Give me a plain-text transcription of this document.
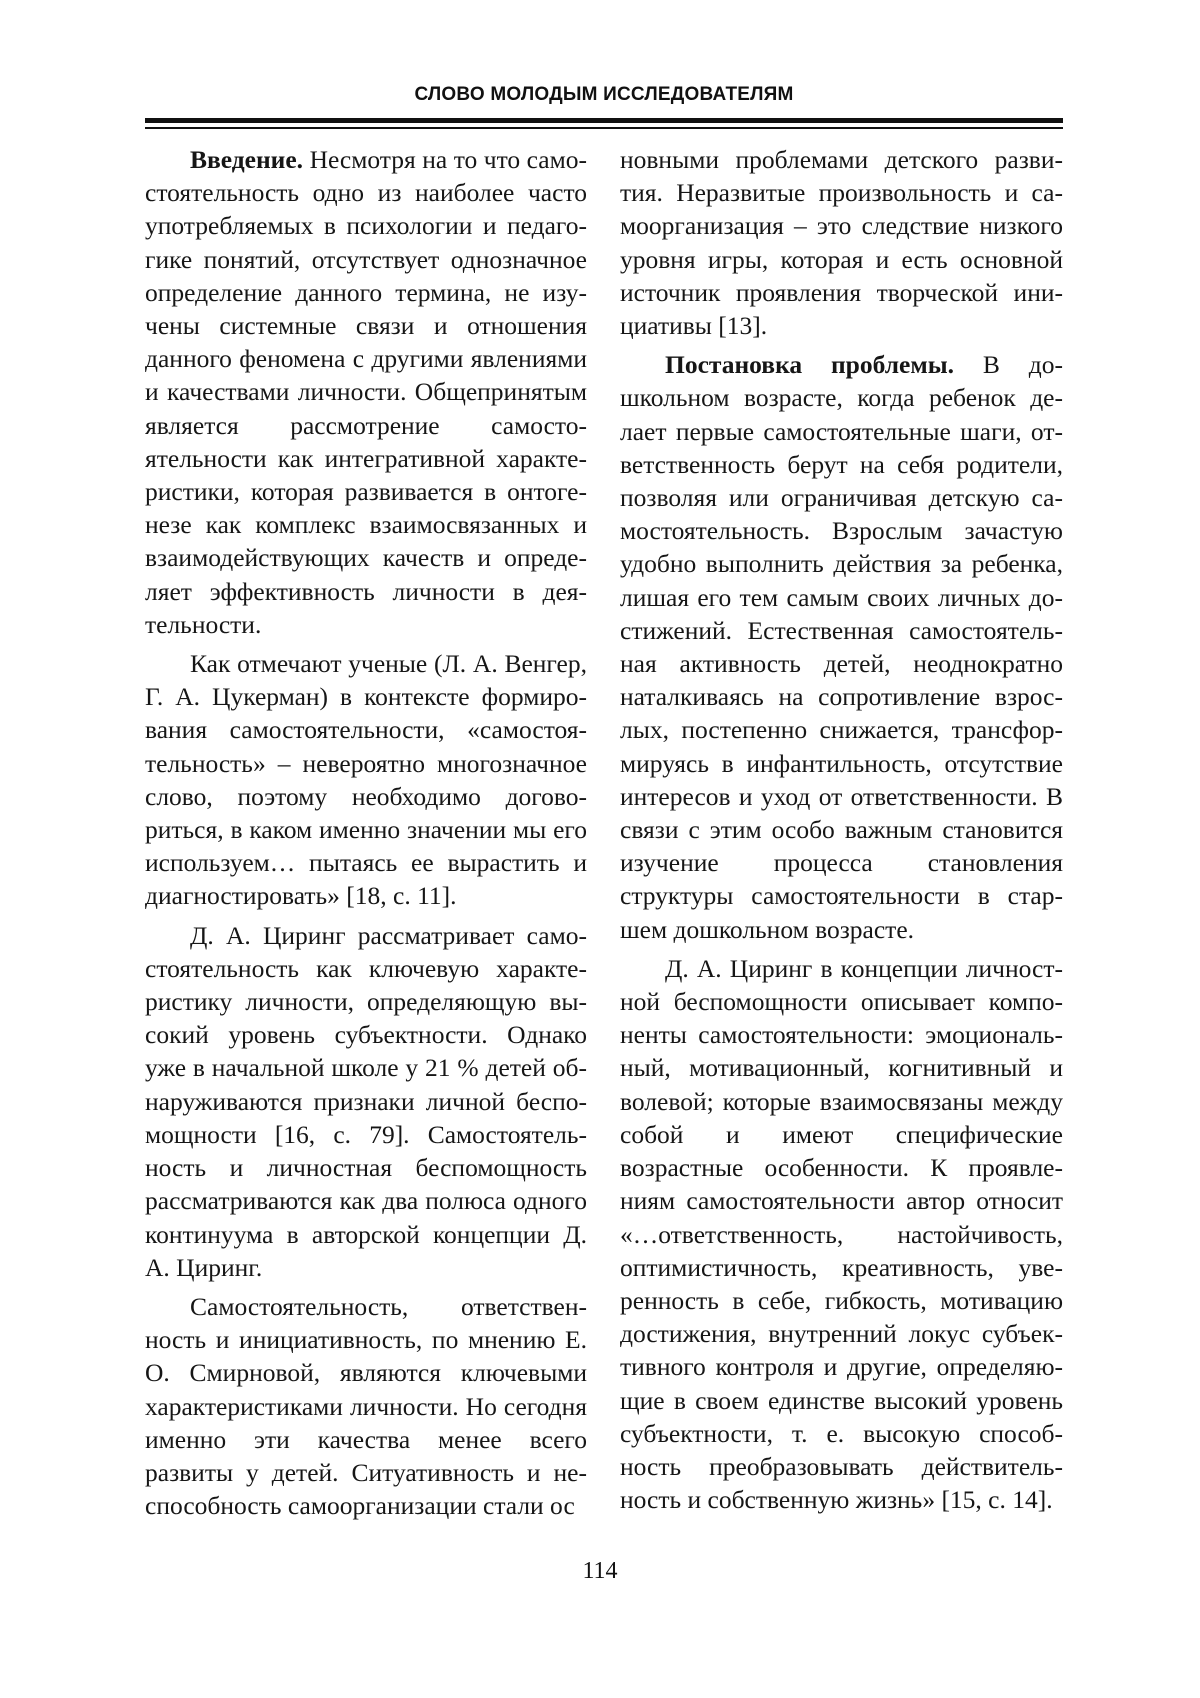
СЛОВО МОЛОДЫМ ИССЛЕДОВАТЕЛЯМ

Введение. Несмотря на то что самостоятельность одно из наиболее часто употребляемых в психологии и педагогике понятий, отсутствует однозначное определение данного термина, не изучены системные связи и отношения данного феномена с другими явлениями и качествами личности. Общепринятым является рассмотрение самостоятельности как интегративной характеристики, которая развивается в онтогенезе как комплекс взаимосвязанных и взаимодействующих качеств и определяет эффективность личности в деятельности.

Как отмечают ученые (Л. А. Венгер, Г. А. Цукерман) в контексте формирования самостоятельности, «самостоятельность» – невероятно многозначное слово, поэтому необходимо договориться, в каком именно значении мы его используем… пытаясь ее вырастить и диагностировать» [18, с. 11].

Д. А. Циринг рассматривает самостоятельность как ключевую характеристику личности, определяющую высокий уровень субъектности. Однако уже в начальной школе у 21 % детей обнаруживаются признаки личной беспомощности [16, с. 79]. Самостоятельность и личностная беспомощность рассматриваются как два полюса одного континуума в авторской концепции Д. А. Циринг.

Самостоятельность, ответственность и инициативность, по мнению Е. О. Смирновой, являются ключевыми характеристиками личности. Но сегодня именно эти качества менее всего развиты у детей. Ситуативность и неспособность самоорганизации стали ос

новными проблемами детского развития. Неразвитые произвольность и самоорганизация – это следствие низкого уровня игры, которая и есть основной источник проявления творческой инициативы [13].

Постановка проблемы. В дошкольном возрасте, когда ребенок делает первые самостоятельные шаги, ответственность берут на себя родители, позволяя или ограничивая детскую самостоятельность. Взрослым зачастую удобно выполнить действия за ребенка, лишая его тем самым своих личных достижений. Естественная самостоятельная активность детей, неоднократно наталкиваясь на сопротивление взрослых, постепенно снижается, трансформируясь в инфантильность, отсутствие интересов и уход от ответственности. В связи с этим особо важным становится изучение процесса становления структуры самостоятельности в старшем дошкольном возрасте.

Д. А. Циринг в концепции личностной беспомощности описывает компоненты самостоятельности: эмоциональный, мотивационный, когнитивный и волевой; которые взаимосвязаны между собой и имеют специфические возрастные особенности. К проявлениям самостоятельности автор относит «…ответственность, настойчивость, оптимистичность, креативность, уверенность в себе, гибкость, мотивацию достижения, внутренний локус субъективного контроля и другие, определяющие в своем единстве высокий уровень субъектности, т. е. высокую способность преобразовывать действительность и собственную жизнь» [15, с. 14].

114
